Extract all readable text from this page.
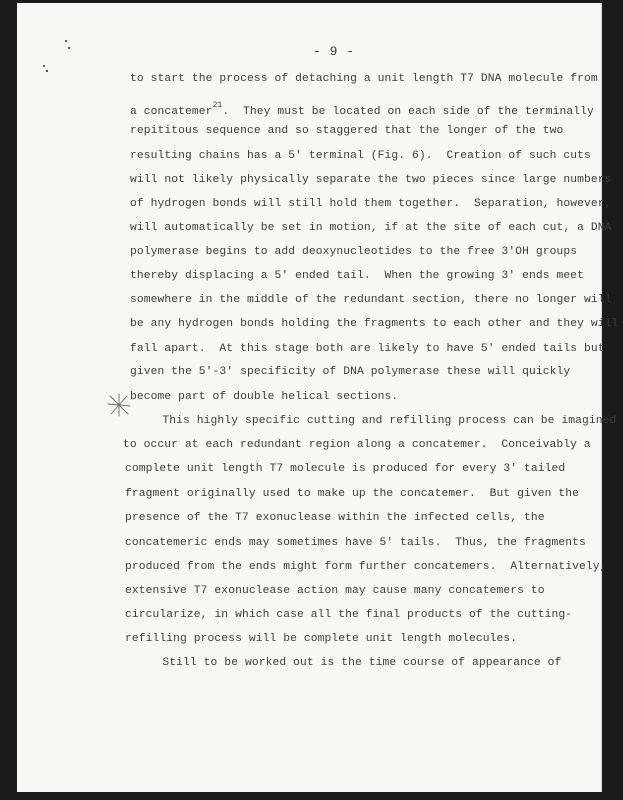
- 9 -
to start the process of detaching a unit length T7 DNA molecule from
a concatemer$^{21}$.  They must be located on each side of the terminally
repititous sequence and so staggered that the longer of the two
resulting chains has a 5' terminal (Fig. 6).  Creation of such cuts
will not likely physically separate the two pieces since large numbers
of hydrogen bonds will still hold them together.  Separation, however,
will automatically be set in motion, if at the site of each cut, a DNA
polymerase begins to add deoxynucleotides to the free 3'OH groups
thereby displacing a 5' ended tail.  When the growing 3' ends meet
somewhere in the middle of the redundant section, there no longer will
be any hydrogen bonds holding the fragments to each other and they will
fall apart.  At this stage both are likely to have 5' ended tails but
given the 5'-3' specificity of DNA polymerase these will quickly
become part of double helical sections.
This highly specific cutting and refilling process can be imagined
to occur at each redundant region along a concatemer.  Conceivably a
complete unit length T7 molecule is produced for every 3' tailed
fragment originally used to make up the concatemer.  But given the
presence of the T7 exonuclease within the infected cells, the
concatemeric ends may sometimes have 5' tails.  Thus, the fragments
produced from the ends might form further concatemers.  Alternatively,
extensive T7 exonuclease action may cause many concatemers to
circularize, in which case all the final products of the cutting-
refilling process will be complete unit length molecules.
Still to be worked out is the time course of appearance of
